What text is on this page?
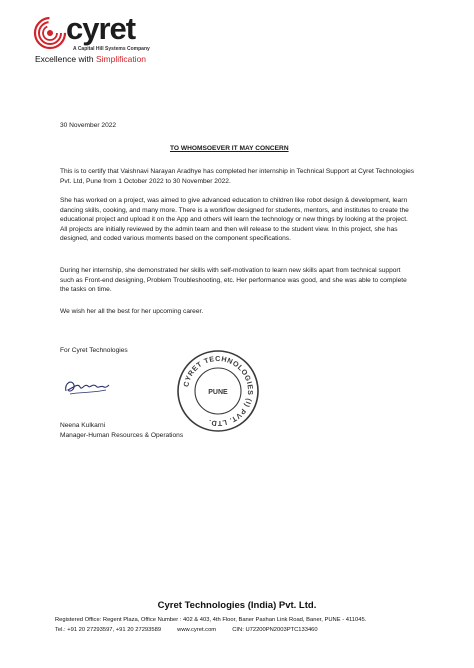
cyret
A Capital Hill Systems Company
Excellence with Simplification
30 November 2022
TO WHOMSOEVER IT MAY CONCERN
This is to certify that Vaishnavi Narayan Aradhye has completed her internship in Technical Support at Cyret Technologies Pvt. Ltd, Pune from 1 October 2022 to 30 November 2022.
She has worked on a project, was aimed to give advanced education to children like robot design & development, learn dancing skills, cooking, and many more. There is a workflow designed for students, mentors, and institutes to create the educational project and upload it on the App and others will learn the technology or new things by looking at the project. All projects are initially reviewed by the admin team and then will release to the student view. In this project, she has designed, and coded various moments based on the component specifications.
During her internship, she demonstrated her skills with self-motivation to learn new skills apart from technical support such as Front-end designing, Problem Troubleshooting, etc. Her performance was good, and she was able to complete the tasks on time.
We wish her all the best for her upcoming career.
For Cyret Technologies
CYRET TECHNOLOGIES (I) PVT. LTD.
PUNE
Neena Kulkarni
Manager-Human Resources & Operations
Cyret Technologies (India) Pvt. Ltd.
Registered Office: Regent Plaza, Office Number : 402 & 403, 4th Floor, Baner Pashan Link Road, Baner, PUNE - 411045.
Tel.: +91 20 27293597, +91 20 27293589          www.cyret.com          CIN: U72200PN2003PTC133460
